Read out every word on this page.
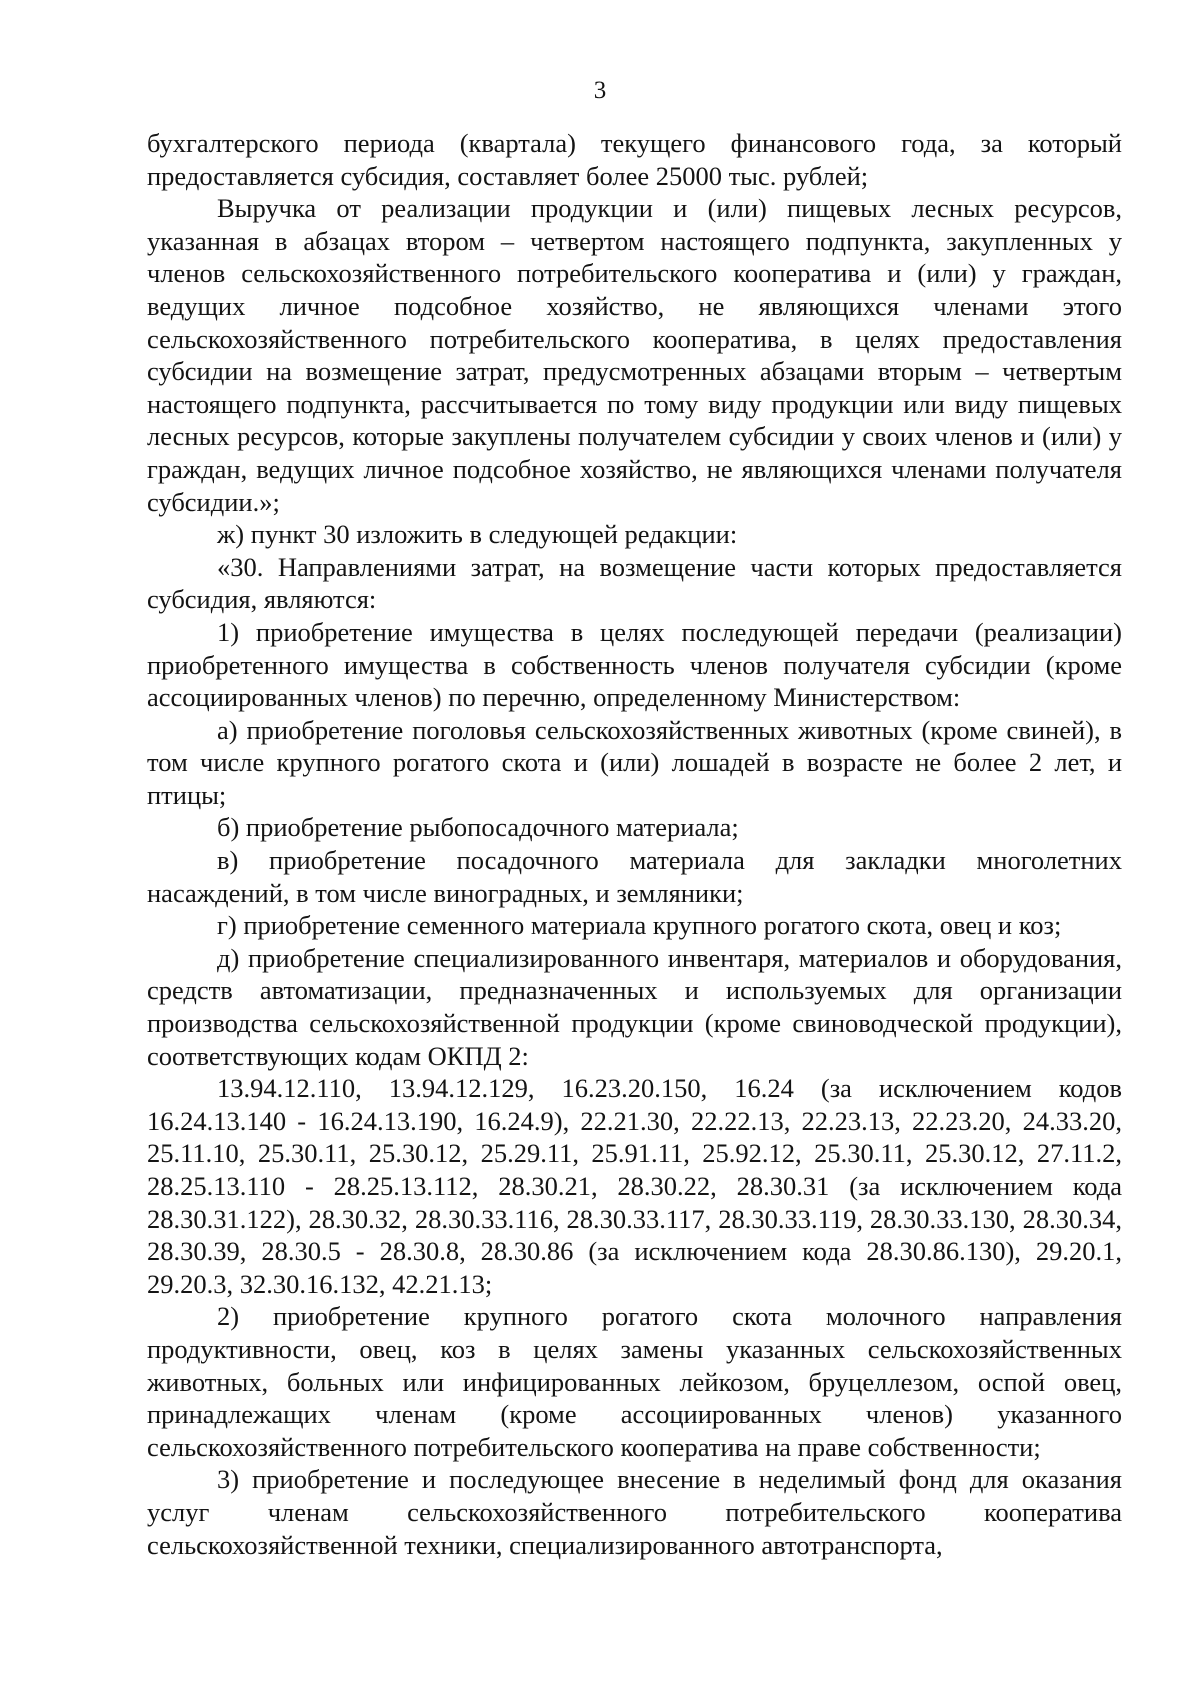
3

бухгалтерского периода (квартала) текущего финансового года, за который предоставляется субсидия, составляет более 25000 тыс. рублей;

Выручка от реализации продукции и (или) пищевых лесных ресурсов, указанная в абзацах втором – четвертом настоящего подпункта, закупленных у членов сельскохозяйственного потребительского кооператива и (или) у граждан, ведущих личное подсобное хозяйство, не являющихся членами этого сельскохозяйственного потребительского кооператива, в целях предоставления субсидии на возмещение затрат, предусмотренных абзацами вторым – четвертым настоящего подпункта, рассчитывается по тому виду продукции или виду пищевых лесных ресурсов, которые закуплены получателем субсидии у своих членов и (или) у граждан, ведущих личное подсобное хозяйство, не являющихся членами получателя субсидии.»;

ж) пункт 30 изложить в следующей редакции:

«30. Направлениями затрат, на возмещение части которых предоставляется субсидия, являются:

1) приобретение имущества в целях последующей передачи (реализации) приобретенного имущества в собственность членов получателя субсидии (кроме ассоциированных членов) по перечню, определенному Министерством:

а) приобретение поголовья сельскохозяйственных животных (кроме свиней), в том числе крупного рогатого скота и (или) лошадей в возрасте не более 2 лет, и птицы;

б) приобретение рыбопосадочного материала;

в) приобретение посадочного материала для закладки многолетних насаждений, в том числе виноградных, и земляники;

г) приобретение семенного материала крупного рогатого скота, овец и коз;

д) приобретение специализированного инвентаря, материалов и оборудования, средств автоматизации, предназначенных и используемых для организации производства сельскохозяйственной продукции (кроме свиноводческой продукции), соответствующих кодам ОКПД 2:

13.94.12.110, 13.94.12.129, 16.23.20.150, 16.24 (за исключением кодов 16.24.13.140 - 16.24.13.190, 16.24.9), 22.21.30, 22.22.13, 22.23.13, 22.23.20, 24.33.20, 25.11.10, 25.30.11, 25.30.12, 25.29.11, 25.91.11, 25.92.12, 25.30.11, 25.30.12, 27.11.2, 28.25.13.110 - 28.25.13.112, 28.30.21, 28.30.22, 28.30.31 (за исключением кода 28.30.31.122), 28.30.32, 28.30.33.116, 28.30.33.117, 28.30.33.119, 28.30.33.130, 28.30.34, 28.30.39, 28.30.5 - 28.30.8, 28.30.86 (за исключением кода 28.30.86.130), 29.20.1, 29.20.3, 32.30.16.132, 42.21.13;

2) приобретение крупного рогатого скота молочного направления продуктивности, овец, коз в целях замены указанных сельскохозяйственных животных, больных или инфицированных лейкозом, бруцеллезом, оспой овец, принадлежащих членам (кроме ассоциированных членов) указанного сельскохозяйственного потребительского кооператива на праве собственности;

3) приобретение и последующее внесение в неделимый фонд для оказания услуг членам сельскохозяйственного потребительского кооператива сельскохозяйственной техники, специализированного автотранспорта,
